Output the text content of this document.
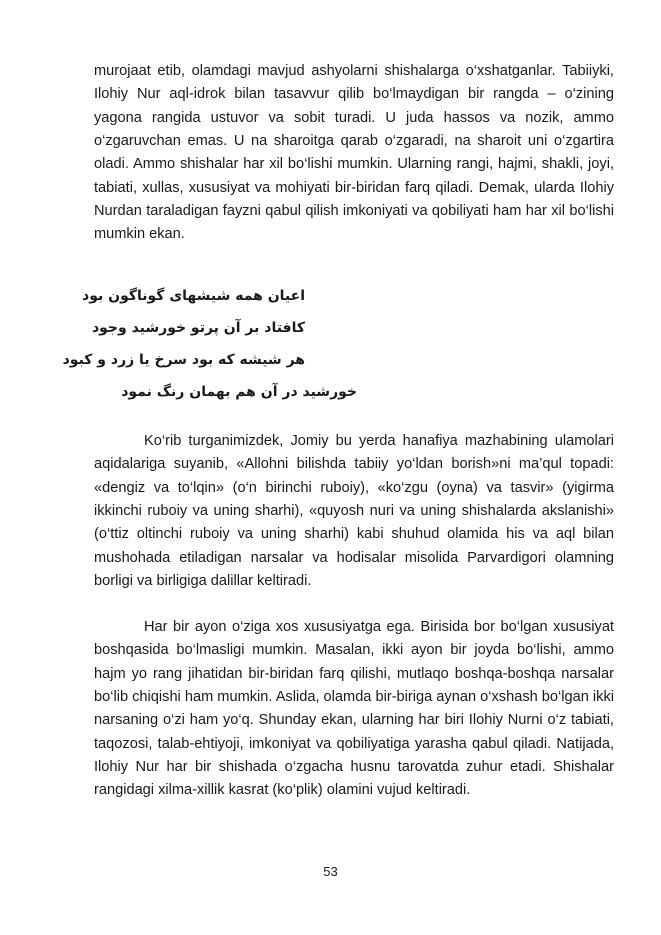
murojaat etib, olamdagi mavjud ashyolarni shishalarga o‘xshatganlar. Tabiiyki, Ilohiy Nur aql-idrok bilan tasavvur qilib bo‘lmaydigan bir rangda – o‘zining yagona rangida ustuvor va sobit turadi. U juda hassos va nozik, ammo o‘zgaruvchan emas. U na sharoitga qarab o‘zgaradi, na sharoit uni o‘zgartira oladi. Ammo shishalar har xil bo‘lishi mumkin. Ularning rangi, hajmi, shakli, joyi, tabiati, xullas, xususiyat va mohiyati bir-biridan farq qiladi. Demak, ularda Ilohiy Nurdan taraladigan fayzni qabul qilish imkoniyati va qobiliyati ham har xil bo‘lishi mumkin ekan.

اعیان همه شیشهای گوناگون بود
کافتاد بر آن پرتو خورشید وجود
هر شیشه که بود سرخ یا زرد و کبود
خورشید در آن هم بهمان رنگ نمود

Ko‘rib turganimizdek, Jomiy bu yerda hanafiya mazhabining ulamolari aqidalariga suyanib, «Allohni bilishda tabiiy yo‘ldan borish»ni ma’qul topadi: «dengiz va to‘lqin» (o‘n birinchi ruboiy), «ko‘zgu (oyna) va tasvir» (yigirma ikkinchi ruboiy va uning sharhi), «quyosh nuri va uning shishalarda akslanishi» (o‘ttiz oltinchi ruboiy va uning sharhi) kabi shuhud olamida his va aql bilan mushohada etiladigan narsalar va hodisalar misolida Parvardigori olamning borligi va birligiga dalillar keltiradi.

Har bir ayon o‘ziga xos xususiyatga ega. Birisida bor bo‘lgan xususiyat boshqasida bo‘lmasligi mumkin. Masalan, ikki ayon bir joyda bo‘lishi, ammo hajm yo rang jihatidan bir-biridan farq qilishi, mutlaqo boshqa-boshqa narsalar bo‘lib chiqishi ham mumkin. Aslida, olamda bir-biriga aynan o‘xshash bo‘lgan ikki narsaning o‘zi ham yo‘q. Shunday ekan, ularning har biri Ilohiy Nurni o‘z tabiati, taqozosi, talab-ehtiyoji, imkoniyat va qobiliyatiga yarasha qabul qiladi. Natijada, Ilohiy Nur har bir shishada o‘zgacha husnu tarovatda zuhur etadi. Shishalar rangidagi xilma-xillik kasrat (ko‘plik) olamini vujud keltiradi.

53
